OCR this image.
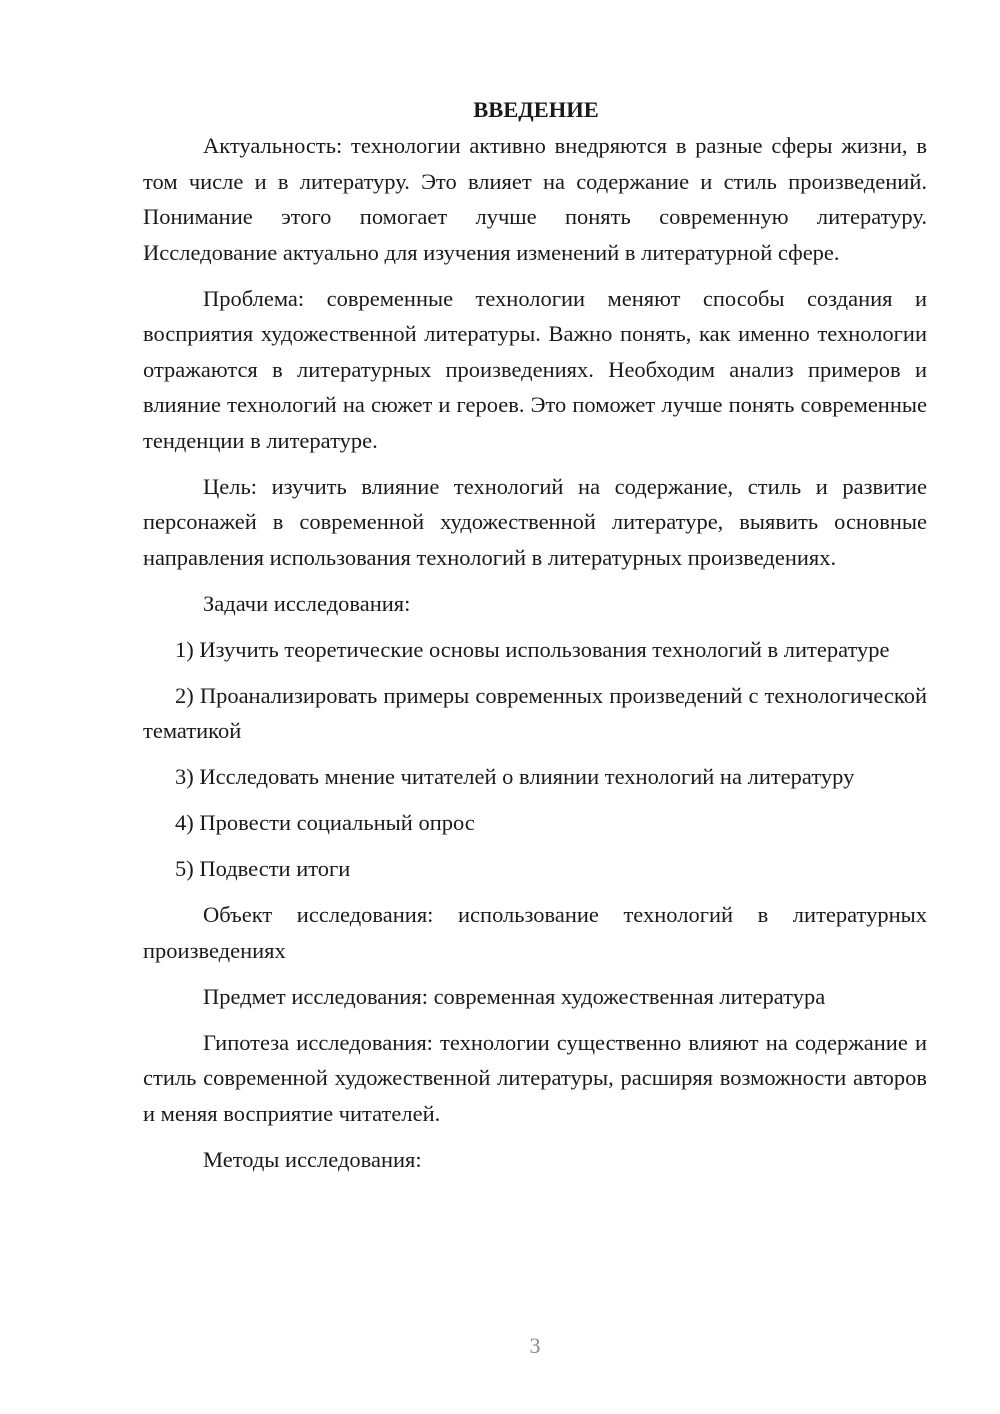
ВВЕДЕНИЕ

Актуальность: технологии активно внедряются в разные сферы жизни, в том числе и в литературу. Это влияет на содержание и стиль произведений. Понимание этого помогает лучше понять современную литературу. Исследование актуально для изучения изменений в литературной сфере.

Проблема: современные технологии меняют способы создания и восприятия художественной литературы. Важно понять, как именно технологии отражаются в литературных произведениях. Необходим анализ примеров и влияние технологий на сюжет и героев. Это поможет лучше понять современные тенденции в литературе.

Цель: изучить влияние технологий на содержание, стиль и развитие персонажей в современной художественной литературе, выявить основные направления использования технологий в литературных произведениях.

Задачи исследования:

1) Изучить теоретические основы использования технологий в литературе

2) Проанализировать примеры современных произведений с технологической тематикой

3) Исследовать мнение читателей о влиянии технологий на литературу

4) Провести социальный опрос

5) Подвести итоги

Объект исследования: использование технологий в литературных произведениях

Предмет исследования: современная художественная литература

Гипотеза исследования: технологии существенно влияют на содержание и стиль современной художественной литературы, расширяя возможности авторов и меняя восприятие читателей.

Методы исследования:

3
